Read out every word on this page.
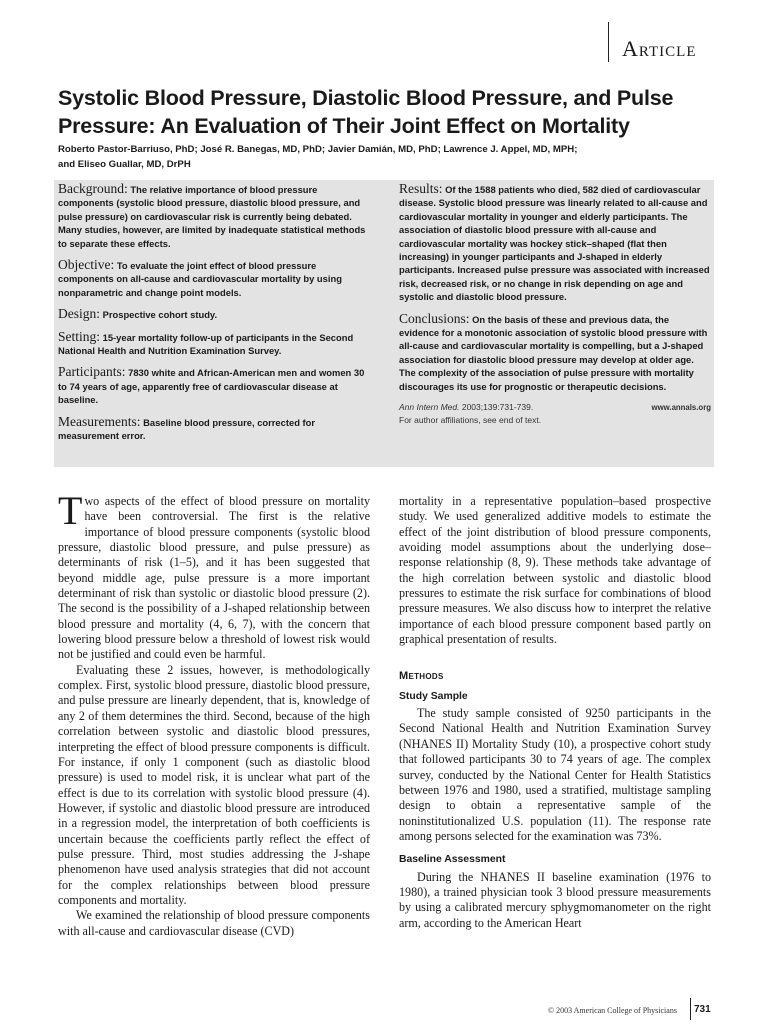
Article
Systolic Blood Pressure, Diastolic Blood Pressure, and Pulse Pressure: An Evaluation of Their Joint Effect on Mortality
Roberto Pastor-Barriuso, PhD; José R. Banegas, MD, PhD; Javier Damián, MD, PhD; Lawrence J. Appel, MD, MPH;
and Eliseo Guallar, MD, DrPH
Background: The relative importance of blood pressure components (systolic blood pressure, diastolic blood pressure, and pulse pressure) on cardiovascular risk is currently being debated. Many studies, however, are limited by inadequate statistical methods to separate these effects.
Objective: To evaluate the joint effect of blood pressure components on all-cause and cardiovascular mortality by using nonparametric and change point models.
Design: Prospective cohort study.
Setting: 15-year mortality follow-up of participants in the Second National Health and Nutrition Examination Survey.
Participants: 7830 white and African-American men and women 30 to 74 years of age, apparently free of cardiovascular disease at baseline.
Measurements: Baseline blood pressure, corrected for measurement error.
Results: Of the 1588 patients who died, 582 died of cardiovascular disease. Systolic blood pressure was linearly related to all-cause and cardiovascular mortality in younger and elderly participants. The association of diastolic blood pressure with all-cause and cardiovascular mortality was hockey stick–shaped (flat then increasing) in younger participants and J-shaped in elderly participants. Increased pulse pressure was associated with increased risk, decreased risk, or no change in risk depending on age and systolic and diastolic blood pressure.
Conclusions: On the basis of these and previous data, the evidence for a monotonic association of systolic blood pressure with all-cause and cardiovascular mortality is compelling, but a J-shaped association for diastolic blood pressure may develop at older age. The complexity of the association of pulse pressure with mortality discourages its use for prognostic or therapeutic decisions.
Ann Intern Med. 2003;139:731-739.	www.annals.org
For author affiliations, see end of text.

Two aspects of the effect of blood pressure on mortality have been controversial. The first is the relative importance of blood pressure components (systolic blood pressure, diastolic blood pressure, and pulse pressure) as determinants of risk (1–5), and it has been suggested that beyond middle age, pulse pressure is a more important determinant of risk than systolic or diastolic blood pressure (2). The second is the possibility of a J-shaped relationship between blood pressure and mortality (4, 6, 7), with the concern that lowering blood pressure below a threshold of lowest risk would not be justified and could even be harmful.

Evaluating these 2 issues, however, is methodologically complex. First, systolic blood pressure, diastolic blood pressure, and pulse pressure are linearly dependent, that is, knowledge of any 2 of them determines the third. Second, because of the high correlation between systolic and diastolic blood pressures, interpreting the effect of blood pressure components is difficult. For instance, if only 1 component (such as diastolic blood pressure) is used to model risk, it is unclear what part of the effect is due to its correlation with systolic blood pressure (4). However, if systolic and diastolic blood pressure are introduced in a regression model, the interpretation of both coefficients is uncertain because the coefficients partly reflect the effect of pulse pressure. Third, most studies addressing the J-shape phenomenon have used analysis strategies that did not account for the complex relationships between blood pressure components and mortality.

We examined the relationship of blood pressure components with all-cause and cardiovascular disease (CVD)

mortality in a representative population–based prospective study. We used generalized additive models to estimate the effect of the joint distribution of blood pressure components, avoiding model assumptions about the underlying dose–response relationship (8, 9). These methods take advantage of the high correlation between systolic and diastolic blood pressures to estimate the risk surface for combinations of blood pressure measures. We also discuss how to interpret the relative importance of each blood pressure component based partly on graphical presentation of results.

Methods
Study Sample

The study sample consisted of 9250 participants in the Second National Health and Nutrition Examination Survey (NHANES II) Mortality Study (10), a prospective cohort study that followed participants 30 to 74 years of age. The complex survey, conducted by the National Center for Health Statistics between 1976 and 1980, used a stratified, multistage sampling design to obtain a representative sample of the noninstitutionalized U.S. population (11). The response rate among persons selected for the examination was 73%.

Baseline Assessment

During the NHANES II baseline examination (1976 to 1980), a trained physician took 3 blood pressure measurements by using a calibrated mercury sphygmomanometer on the right arm, according to the American Heart

© 2003 American College of Physicians 731
